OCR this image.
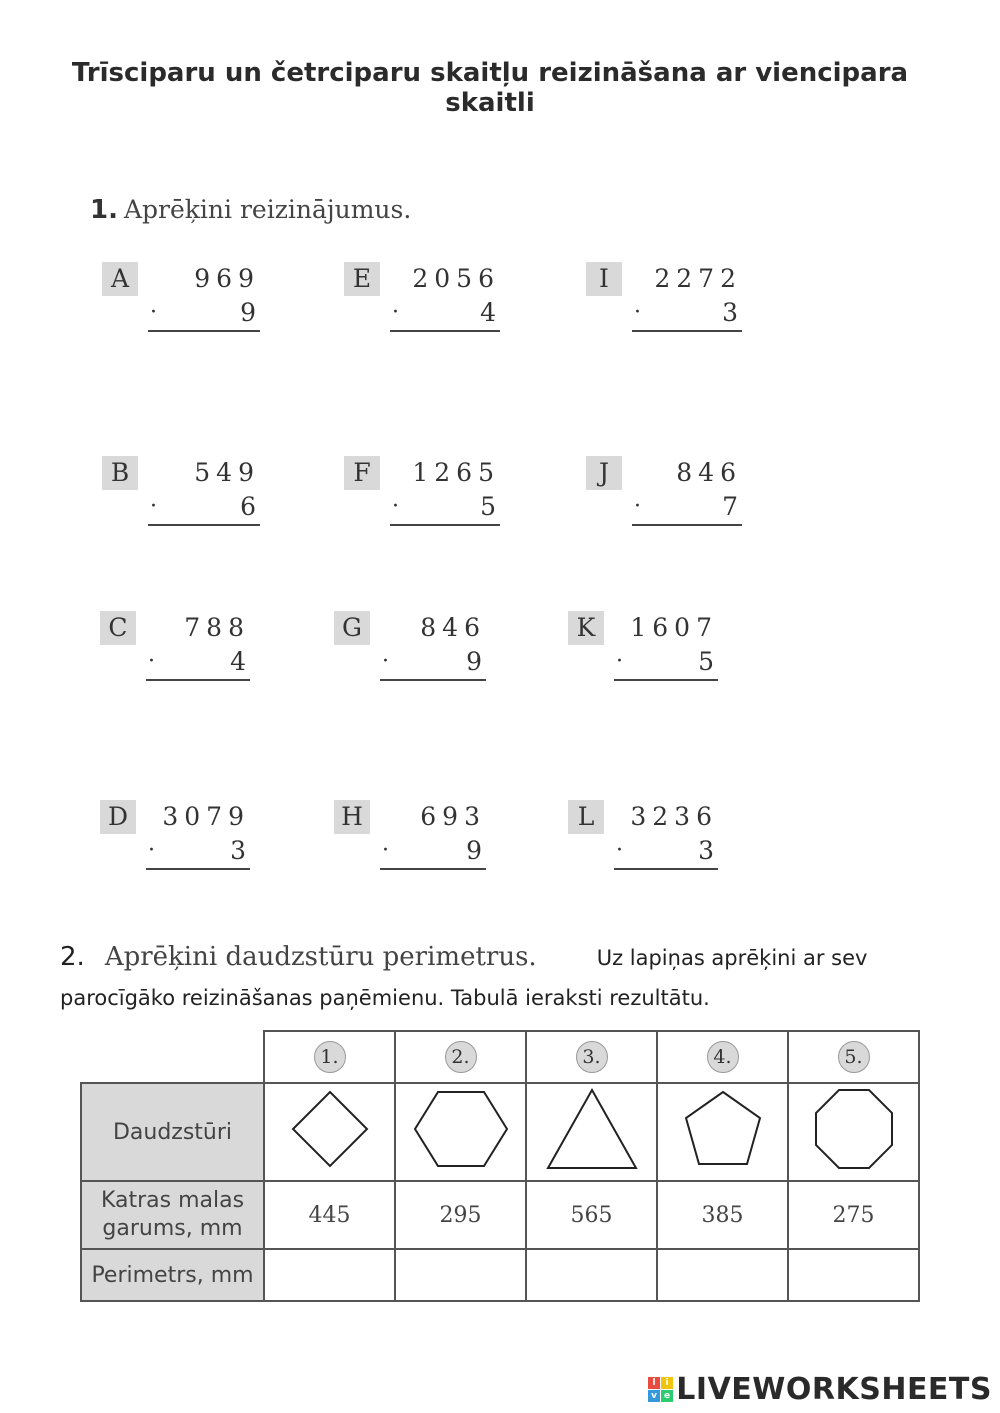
Trīsciparu un četrciparu skaitļu reizināšana ar viencipara
skaitli
1. Aprēķini reizinājumus.
A	969
·	9
E	2056
·	4
I	2272
·	3
B	549
·	6
F	1265
·	5
J	846
·	7
C	788
·	4
G	846
·	9
K	1607
·	5
D	3079
·	3
H 693
·	9
L	3236
·	3
2. Aprēķini daudzstūru perimetrus.	Uz lapiņas aprēķini ar sev
parocīgāko reizināšanas paņēmienu. Tabulā ieraksti rezultātu.
	1.	2.	3.	4.	5.
Daudzstūri					
Katras malas garums, mm	445	295	565	385	275
Perimetrs, mm					
l	i
v e LIVEWORKSHEETS
